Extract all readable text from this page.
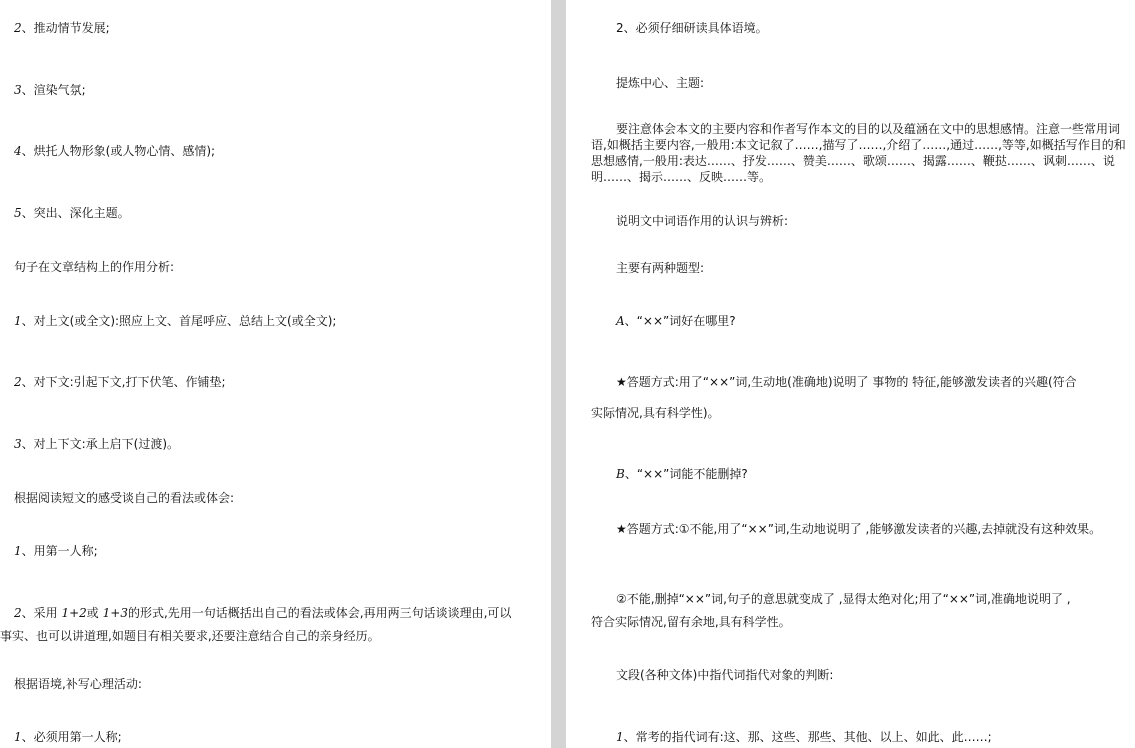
2、推动情节发展;
3、渲染气氛;
4、烘托人物形象(或人物心情、感情);
5、突出、深化主题。
句子在文章结构上的作用分析:
1、对上文(或全文):照应上文、首尾呼应、总结上文(或全文);
2、对下文:引起下文,打下伏笔、作铺垫;
3、对上下文:承上启下(过渡)。
根据阅读短文的感受谈自己的看法或体会:
1、用第一人称;
2、采用 1+2或 1+3的形式,先用一句话概括出自己的看法或体会,再用两三句话谈谈理由,可以
事实、也可以讲道理,如题目有相关要求,还要注意结合自己的亲身经历。
根据语境,补写心理活动:
1、必须用第一人称;
2、必须仔细研读具体语境。
提炼中心、主题:
要注意体会本文的主要内容和作者写作本文的目的以及蕴涵在文中的思想感情。注意一些常用词语,如概括主要内容,一般用:本文记叙了……,描写了……,介绍了……,通过……,等等,如概括写作目的和思想感情,一般用:表达……、抒发……、赞美……、歌颂……、揭露……、鞭挞……、讽刺……、说明……、揭示……、反映……等。
说明文中词语作用的认识与辨析:
主要有两种题型:
A、“××”词好在哪里?
★答题方式:用了“××”词,生动地(准确地)说明了 事物的 特征,能够激发读者的兴趣(符合
实际情况,具有科学性)。
B、“××”词能不能删掉?
★答题方式:①不能,用了“××”词,生动地说明了 ,能够激发读者的兴趣,去掉就没有这种效果。
②不能,删掉“××”词,句子的意思就变成了 ,显得太绝对化;用了“××”词,准确地说明了 ,
符合实际情况,留有余地,具有科学性。
文段(各种文体)中指代词指代对象的判断:
1、常考的指代词有:这、那、这些、那些、其他、以上、如此、此……;
